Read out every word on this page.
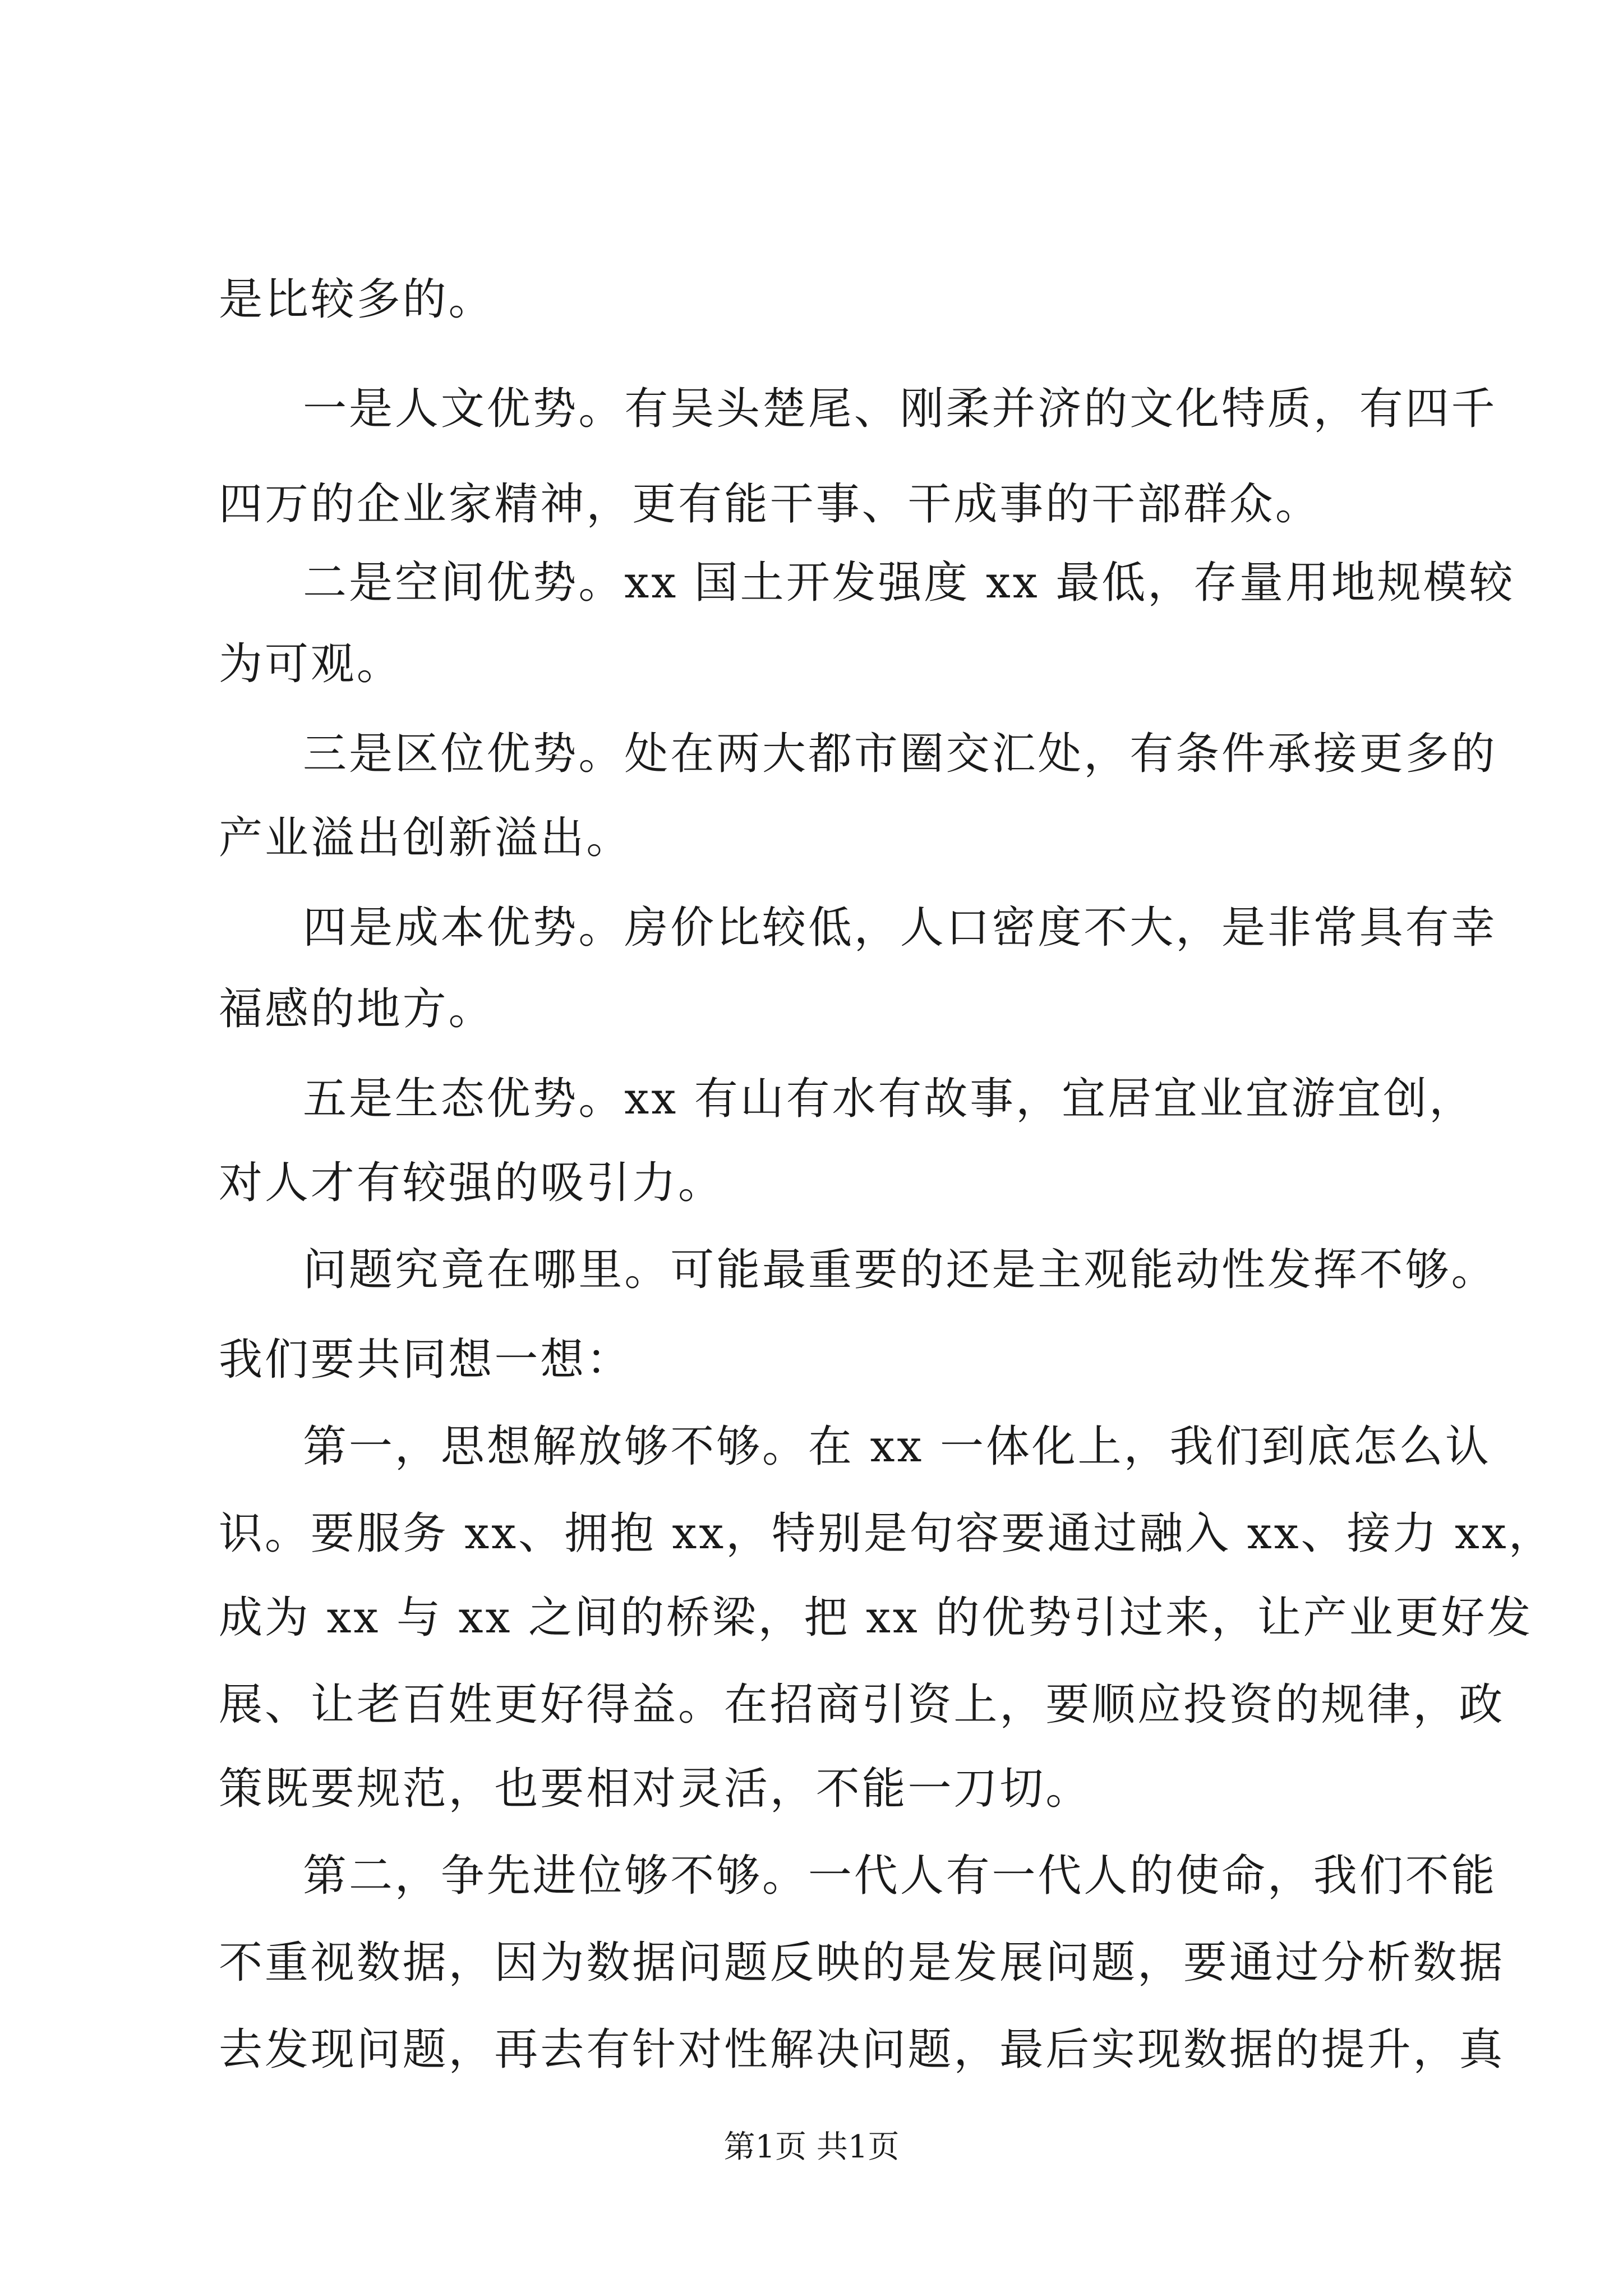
是比较多的。
一是人文优势。有吴头楚尾、刚柔并济的文化特质，有四千
四万的企业家精神，更有能干事、干成事的干部群众。
二是空间优势。xx 国土开发强度 xx 最低，存量用地规模较
为可观。
三是区位优势。处在两大都市圈交汇处，有条件承接更多的
产业溢出创新溢出。
四是成本优势。房价比较低，人口密度不大，是非常具有幸
福感的地方。
五是生态优势。xx 有山有水有故事，宜居宜业宜游宜创，
对人才有较强的吸引力。
问题究竟在哪里。可能最重要的还是主观能动性发挥不够。
我们要共同想一想：
第一，思想解放够不够。在 xx 一体化上，我们到底怎么认
识。要服务 xx、拥抱 xx，特别是句容要通过融入 xx、接力 xx，
成为 xx 与 xx 之间的桥梁，把 xx 的优势引过来，让产业更好发
展、让老百姓更好得益。在招商引资上，要顺应投资的规律，政
策既要规范，也要相对灵活，不能一刀切。
第二，争先进位够不够。一代人有一代人的使命，我们不能
不重视数据，因为数据问题反映的是发展问题，要通过分析数据
去发现问题，再去有针对性解决问题，最后实现数据的提升，真
第1页 共1页
